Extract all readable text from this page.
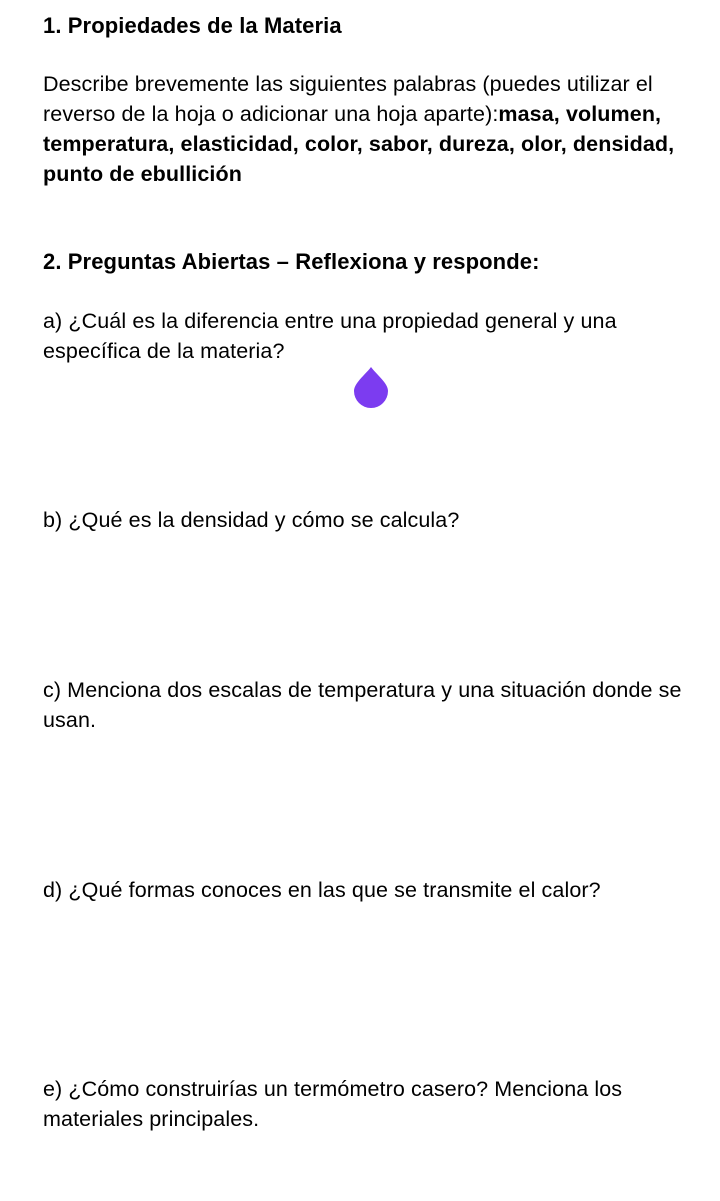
1. Propiedades de la Materia
Describe brevemente las siguientes palabras (puedes utilizar el reverso de la hoja o adicionar una hoja aparte):masa, volumen, temperatura, elasticidad, color, sabor, dureza, olor, densidad, punto de ebullición
2. Preguntas Abiertas – Reflexiona y responde:
a) ¿Cuál es la diferencia entre una propiedad general y una específica de la materia?
b) ¿Qué es la densidad y cómo se calcula?
c) Menciona dos escalas de temperatura y una situación donde se usan.
d) ¿Qué formas conoces en las que se transmite el calor?
e) ¿Cómo construirías un termómetro casero? Menciona los materiales principales.
